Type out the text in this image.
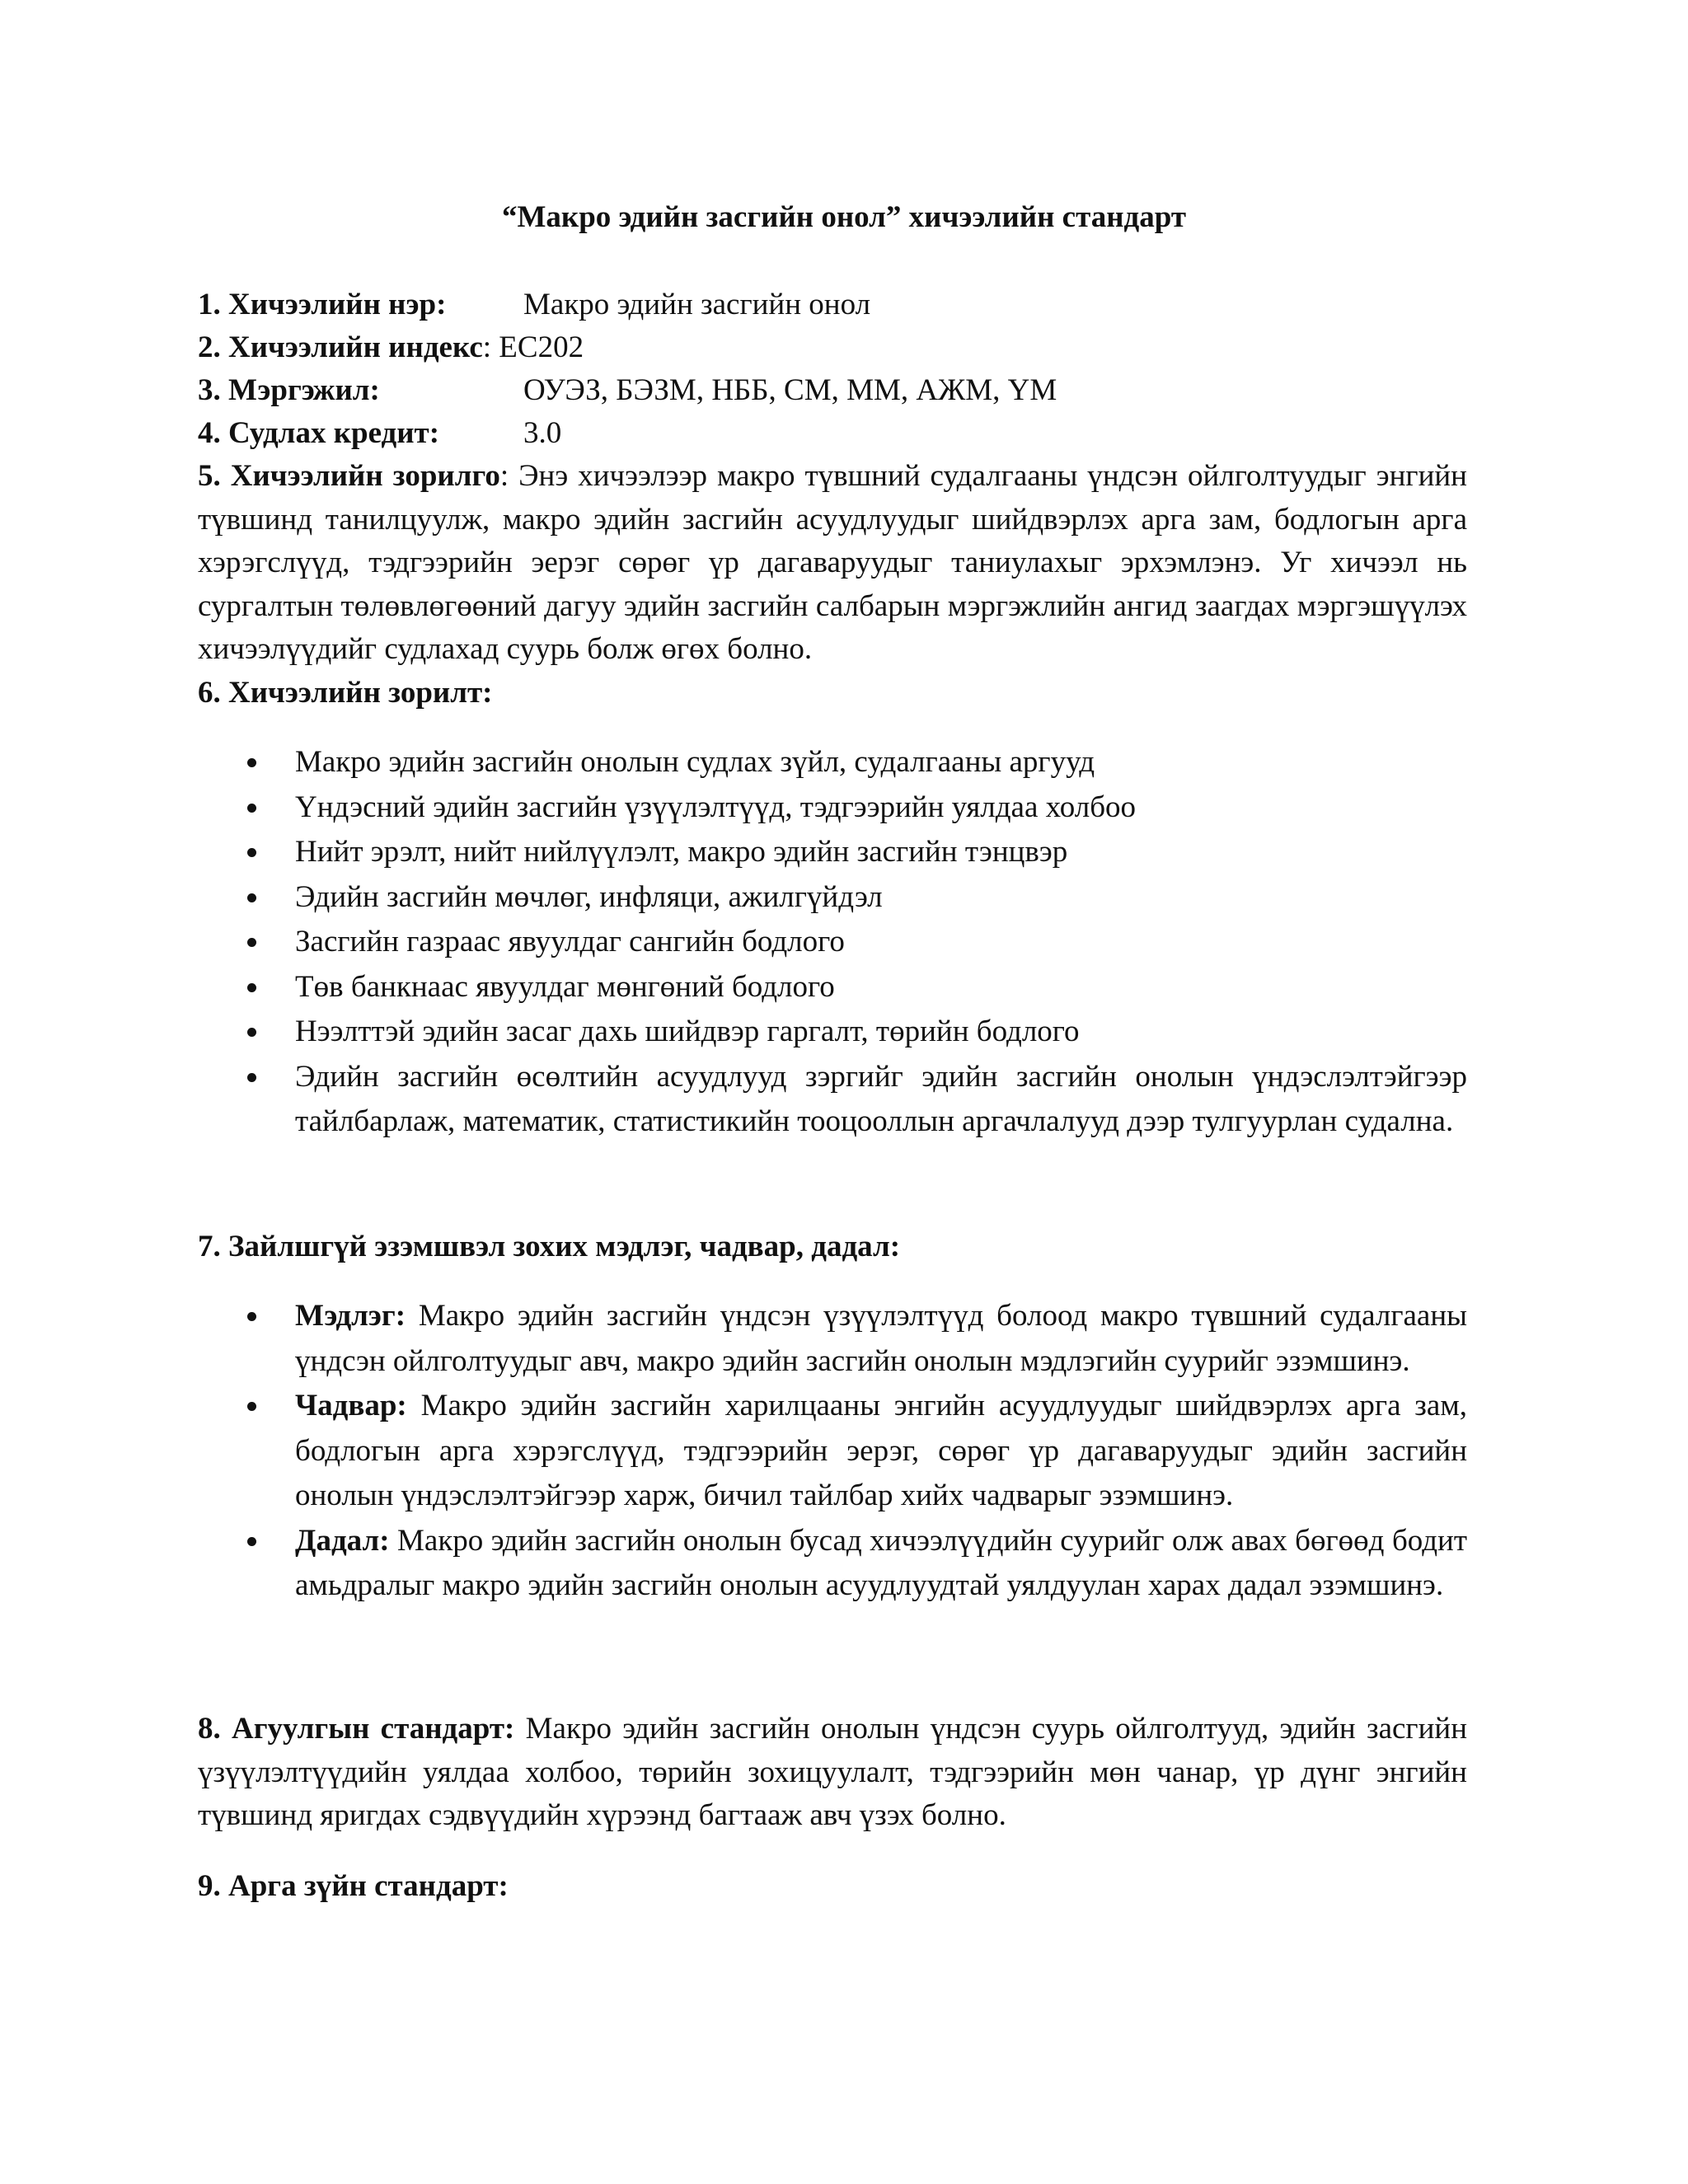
“Макро эдийн засгийн онол” хичээлийн стандарт
1. Хичээлийн нэр:	Макро эдийн засгийн онол
2. Хичээлийн индекс: EC202
3. Мэргэжил:	ОУЭЗ, БЭЗМ, НББ, СМ, ММ, АЖМ, ҮМ
4. Судлах кредит:	3.0
5. Хичээлийн зорилго: Энэ хичээлээр макро түвшний судалгааны үндсэн ойлголтуудыг энгийн түвшинд танилцуулж, макро эдийн засгийн асуудлуудыг шийдвэрлэх арга зам, бодлогын арга хэрэгслүүд, тэдгээрийн эерэг сөрөг үр дагаваруудыг таниулахыг эрхэмлэнэ. Уг хичээл нь сургалтын төлөвлөгөөний дагуу эдийн засгийн салбарын мэргэжлийн ангид заагдах мэргэшүүлэх хичээлүүдийг судлахад суурь болж өгөх болно.
6. Хичээлийн зорилт:
Макро эдийн засгийн онолын судлах зүйл, судалгааны аргууд
Үндэсний эдийн засгийн үзүүлэлтүүд, тэдгээрийн уялдаа холбоо
Нийт эрэлт, нийт нийлүүлэлт, макро эдийн засгийн тэнцвэр
Эдийн засгийн мөчлөг, инфляци, ажилгүйдэл
Засгийн газраас явуулдаг сангийн бодлого
Төв банкнаас явуулдаг мөнгөний бодлого
Нээлттэй эдийн засаг дахь шийдвэр гаргалт, төрийн бодлого
Эдийн засгийн өсөлтийн асуудлууд зэргийг эдийн засгийн онолын үндэслэлтэйгээр тайлбарлаж, математик, статистикийн тооцооллын аргачлалууд дээр тулгуурлан судална.
7. Зайлшгүй эзэмшвэл зохих мэдлэг, чадвар, дадал:
Мэдлэг: Макро эдийн засгийн үндсэн үзүүлэлтүүд болоод макро түвшний судалгааны үндсэн ойлголтуудыг авч, макро эдийн засгийн онолын мэдлэгийн суурийг эзэмшинэ.
Чадвар: Макро эдийн засгийн харилцааны энгийн асуудлуудыг шийдвэрлэх арга зам, бодлогын арга хэрэгслүүд, тэдгээрийн эерэг, сөрөг үр дагаваруудыг эдийн засгийн онолын үндэслэлтэйгээр харж, бичил тайлбар хийх чадварыг эзэмшинэ.
Дадал: Макро эдийн засгийн онолын бусад хичээлүүдийн суурийг олж авах бөгөөд бодит амьдралыг макро эдийн засгийн онолын асуудлуудтай уялдуулан харах дадал эзэмшинэ.
8. Агуулгын стандарт: Макро эдийн засгийн онолын үндсэн суурь ойлголтууд, эдийн засгийн үзүүлэлтүүдийн уялдаа холбоо, төрийн зохицуулалт, тэдгээрийн мөн чанар, үр дүнг энгийн түвшинд яригдах сэдвүүдийн хүрээнд багтааж авч үзэх болно.
9. Арга зүйн стандарт:
